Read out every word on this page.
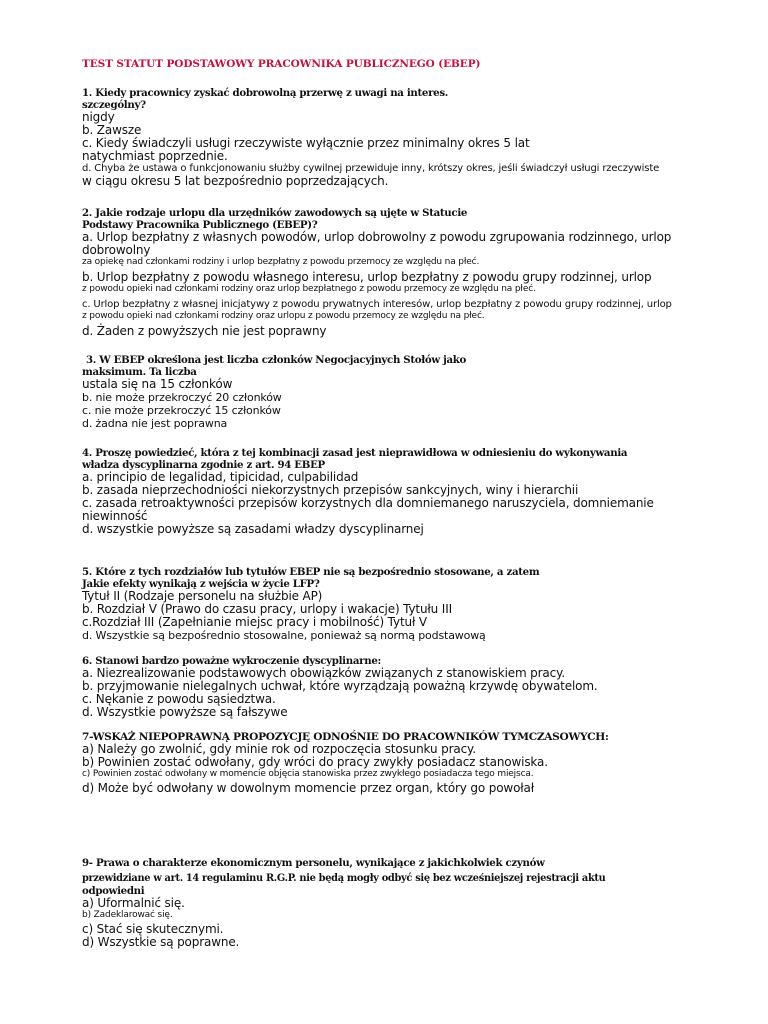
TEST STATUT PODSTAWOWY PRACOWNIKA PUBLICZNEGO (EBEP)
1. Kiedy pracownicy zyskać dobrowolną przerwę z uwagi na interes.
szczególny?
nigdy
b. Zawsze
c. Kiedy świadczyli usługi rzeczywiste wyłącznie przez minimalny okres 5 lat
natychmiast poprzednie.
d. Chyba że ustawa o funkcjonowaniu służby cywilnej przewiduje inny, krótszy okres, jeśli świadczył usługi rzeczywiste
w ciągu okresu 5 lat bezpośrednio poprzedzających.
2. Jakie rodzaje urlopu dla urzędników zawodowych są ujęte w Statucie
Podstawy Pracownika Publicznego (EBEP)?
a. Urlop bezpłatny z własnych powodów, urlop dobrowolny z powodu zgrupowania rodzinnego, urlop dobrowolny
za opiekę nad członkami rodziny i urlop bezpłatny z powodu przemocy ze względu na płeć.
b. Urlop bezpłatny z powodu własnego interesu, urlop bezpłatny z powodu grupy rodzinnej, urlop
z powodu opieki nad członkami rodziny oraz urlop bezpłatnego z powodu przemocy ze względu na płeć.
c. Urlop bezpłatny z własnej inicjatywy z powodu prywatnych interesów, urlop bezpłatny z powodu grupy rodzinnej, urlop
z powodu opieki nad członkami rodziny oraz urlopu z powodu przemocy ze względu na płeć.
d. Żaden z powyższych nie jest poprawny
3. W EBEP określona jest liczba członków Negocjacyjnych Stołów jako
maksimum. Ta liczba
ustala się na 15 członków
b. nie może przekroczyć 20 członków
c. nie może przekroczyć 15 członków
d. żadna nie jest poprawna
4. Proszę powiedzieć, która z tej kombinacji zasad jest nieprawidłowa w odniesieniu do wykonywania
władza dyscyplinarna zgodnie z art. 94 EBEP
a. principio de legalidad, tipicidad, culpabilidad
b. zasada nieprzechodniości niekorzystnych przepisów sankcyjnych, winy i hierarchii
c. zasada retroaktywności przepisów korzystnych dla domniemanego naruszyciela, domniemanie
niewinność
d. wszystkie powyższe są zasadami władzy dyscyplinarnej
5. Które z tych rozdziałów lub tytułów EBEP nie są bezpośrednio stosowane, a zatem
Jakie efekty wynikają z wejścia w życie LFP?
Tytuł II (Rodzaje personelu na służbie AP)
b. Rozdział V (Prawo do czasu pracy, urlopy i wakacje) Tytułu III
c.Rozdział III (Zapełnianie miejsc pracy i mobilność) Tytuł V
d. Wszystkie są bezpośrednio stosowalne, ponieważ są normą podstawową
6. Stanowi bardzo poważne wykroczenie dyscyplinarne:
a. Niezrealizowanie podstawowych obowiązków związanych z stanowiskiem pracy.
b. przyjmowanie nielegalnych uchwał, które wyrządzają poważną krzywdę obywatelom.
c. Nękanie z powodu sąsiedztwa.
d. Wszystkie powyższe są fałszywe
7-WSKAŻ NIEPOPRAWNĄ PROPOZYCJĘ ODNOŚNIE DO PRACOWNIKÓW TYMCZASOWYCH:
a) Należy go zwolnić, gdy minie rok od rozpoczęcia stosunku pracy.
b) Powinien zostać odwołany, gdy wróci do pracy zwykły posiadacz stanowiska.
c) Powinien zostać odwołany w momencie objęcia stanowiska przez zwykłego posiadacza tego miejsca.
d) Może być odwołany w dowolnym momencie przez organ, który go powołał
9- Prawa o charakterze ekonomicznym personelu, wynikające z jakichkolwiek czynów
przewidziane w art. 14 regulaminu R.G.P. nie będą mogły odbyć się bez wcześniejszej rejestracji aktu
odpowiedni
a) Uformalnić się.
b) Zadeklarować się.
c) Stać się skutecznymi.
d) Wszystkie są poprawne.
